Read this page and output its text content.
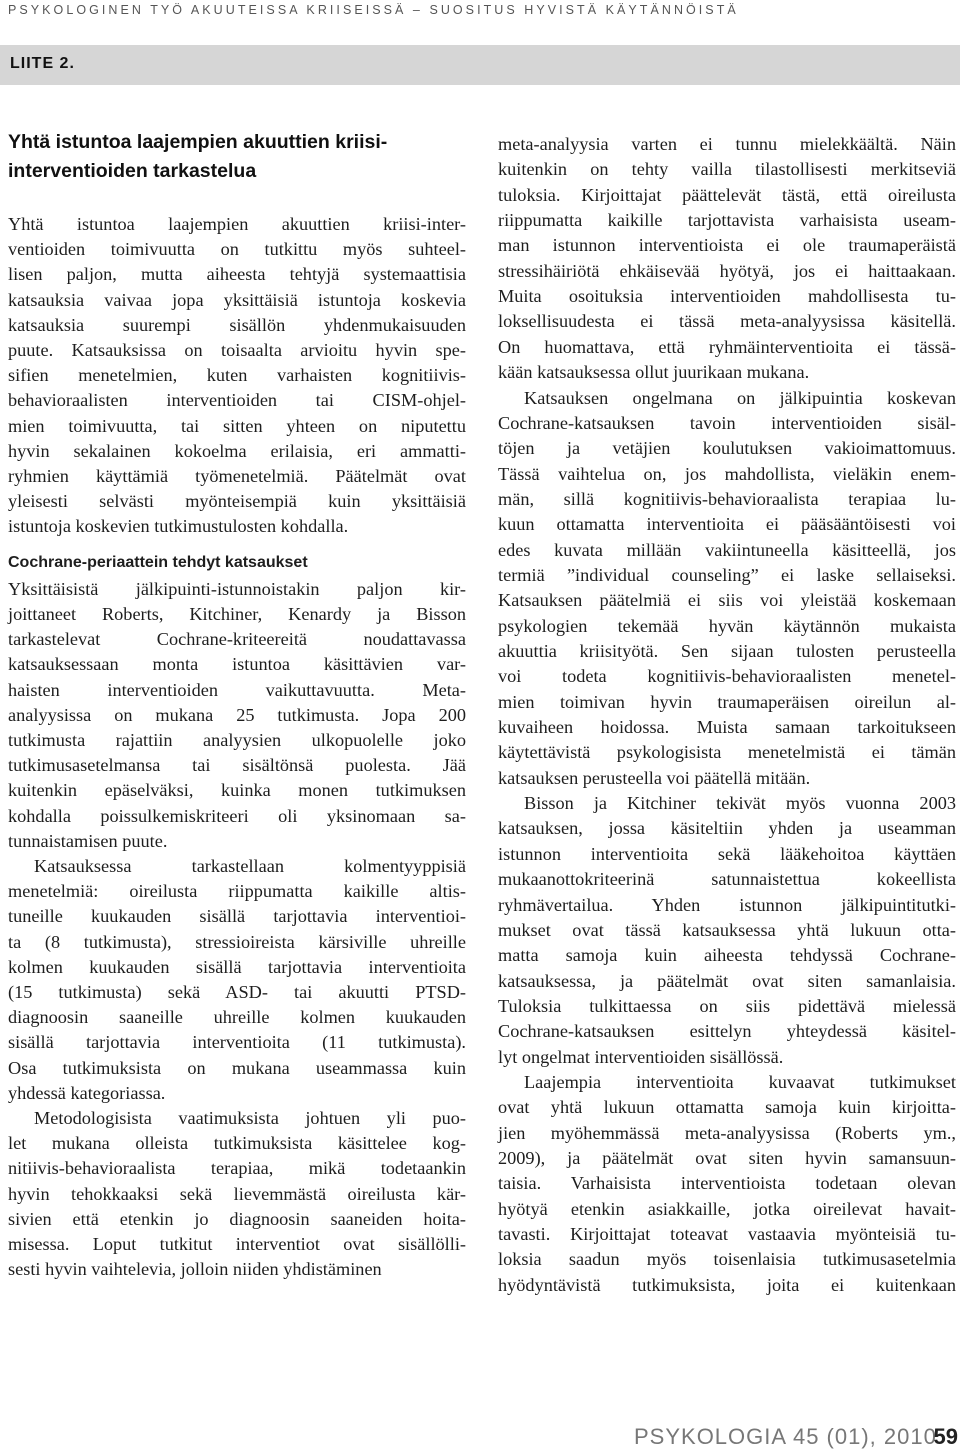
PSYKOLOGINEN TYÖ AKUUTEISSA KRIISEISSÄ – SUOSITUS HYVISTÄ KÄYTÄNNÖISTÄ
LIITE 2.
Yhtä istuntoa laajempien akuuttien kriisi-
interventioiden tarkastelua
Yhtä istuntoa laajempien akuuttien kriisi-inter-
ventioiden toimivuutta on tutkittu myös suhteel-
lisen paljon, mutta aiheesta tehtyjä systemaattisia
katsauksia vaivaa jopa yksittäisiä istuntoja koskevia
katsauksia suurempi sisällön yhdenmukaisuuden
puute. Katsauksissa on toisaalta arvioitu hyvin spe-
sifien menetelmien, kuten varhaisten kognitiivis-
behavioraalisten interventioiden tai CISM-ohjel-
mien toimivuutta, tai sitten yhteen on niputettu
hyvin sekalainen kokoelma erilaisia, eri ammatti-
ryhmien käyttämiä työmenetelmiä. Päätelmät ovat
yleisesti selvästi myönteisempiä kuin yksittäisiä
istuntoja koskevien tutkimustulosten kohdalla.
Cochrane-periaattein tehdyt katsaukset
Yksittäisistä jälkipuinti-istunnoistakin paljon kir-
joittaneet Roberts, Kitchiner, Kenardy ja Bisson
tarkastelevat Cochrane-kriteereitä noudattavassa
katsauksessaan monta istuntoa käsittävien var-
haisten interventioiden vaikuttavuutta. Meta-
analyysissa on mukana 25 tutkimusta. Jopa 200
tutkimusta rajattiin analyysien ulkopuolelle joko
tutkimusasetelmansa tai sisältönsä puolesta. Jää
kuitenkin epäselväksi, kuinka monen tutkimuksen
kohdalla poissulkemiskriteeri oli yksinomaan sa-
tunnaistamisen puute.
Katsauksessa tarkastellaan kolmentyyppisiä
menetelmiä: oireilusta riippumatta kaikille altis-
tuneille kuukauden sisällä tarjottavia interventioi-
ta (8 tutkimusta), stressioireista kärsiville uhreille
kolmen kuukauden sisällä tarjottavia interventioita
(15 tutkimusta) sekä ASD- tai akuutti PTSD-
diagnoosin saaneille uhreille kolmen kuukauden
sisällä tarjottavia interventioita (11 tutkimusta).
Osa tutkimuksista on mukana useammassa kuin
yhdessä kategoriassa.
Metodologisista vaatimuksista johtuen yli puo-
let mukana olleista tutkimuksista käsittelee kog-
nitiivis-behavioraalista terapiaa, mikä todetaankin
hyvin tehokkaaksi sekä lievemmästä oireilusta kär-
sivien että etenkin jo diagnoosin saaneiden hoita-
misessa. Loput tutkitut interventiot ovat sisällölli-
sesti hyvin vaihtelevia, jolloin niiden yhdistäminen
meta-analyysia varten ei tunnu mielekkäältä. Näin
kuitenkin on tehty vailla tilastollisesti merkitseviä
tuloksia. Kirjoittajat päättelevät tästä, että oireilusta
riippumatta kaikille tarjottavista varhaisista useam-
man istunnon interventioista ei ole traumaperäistä
stressihäiriötä ehkäisevää hyötyä, jos ei haittaakaan.
Muita osoituksia interventioiden mahdollisesta tu-
loksellisuudesta ei tässä meta-analyysissa käsitellä.
On huomattava, että ryhmäinterventioita ei tässä-
kään katsauksessa ollut juurikaan mukana.
Katsauksen ongelmana on jälkipuintia koskevan
Cochrane-katsauksen tavoin interventioiden sisäl-
töjen ja vetäjien koulutuksen vakioimattomuus.
Tässä vaihtelua on, jos mahdollista, vieläkin enem-
män, sillä kognitiivis-behavioraalista terapiaa lu-
kuun ottamatta interventioita ei pääsääntöisesti voi
edes kuvata millään vakiintuneella käsitteellä, jos
termiä ”individual counseling” ei laske sellaiseksi.
Katsauksen päätelmiä ei siis voi yleistää koskemaan
psykologien tekemää hyvän käytännön mukaista
akuuttia kriisityötä. Sen sijaan tulosten perusteella
voi todeta kognitiivis-behavioraalisten menetel-
mien toimivan hyvin traumaperäisen oireilun al-
kuvaiheen hoidossa. Muista samaan tarkoitukseen
käytettävistä psykologisista menetelmistä ei tämän
katsauksen perusteella voi päätellä mitään.
Bisson ja Kitchiner tekivät myös vuonna 2003
katsauksen, jossa käsiteltiin yhden ja useamman
istunnon interventioita sekä lääkehoitoa käyttäen
mukaanottokriteerinä satunnaistettua kokeellista
ryhmävertailua. Yhden istunnon jälkipuintitutki-
mukset ovat tässä katsauksessa yhtä lukuun otta-
matta samoja kuin aiheesta tehdyssä Cochrane-
katsauksessa, ja päätelmät ovat siten samanlaisia.
Tuloksia tulkittaessa on siis pidettävä mielessä
Cochrane-katsauksen esittelyn yhteydessä käsitel-
lyt ongelmat interventioiden sisällössä.
Laajempia interventioita kuvaavat tutkimukset
ovat yhtä lukuun ottamatta samoja kuin kirjoitta-
jien myöhemmässä meta-analyysissa (Roberts ym.,
2009), ja päätelmät ovat siten hyvin samansuun-
taisia. Varhaisista interventioista todetaan olevan
hyötyä etenkin asiakkaille, jotka oireilevat havait-
tavasti. Kirjoittajat toteavat vastaavia myönteisiä tu-
loksia saadun myös toisenlaisia tutkimusasetelmia
hyödyntävistä tutkimuksista, joita ei kuitenkaan
PSYKOLOGIA 45 (01), 2010
59
